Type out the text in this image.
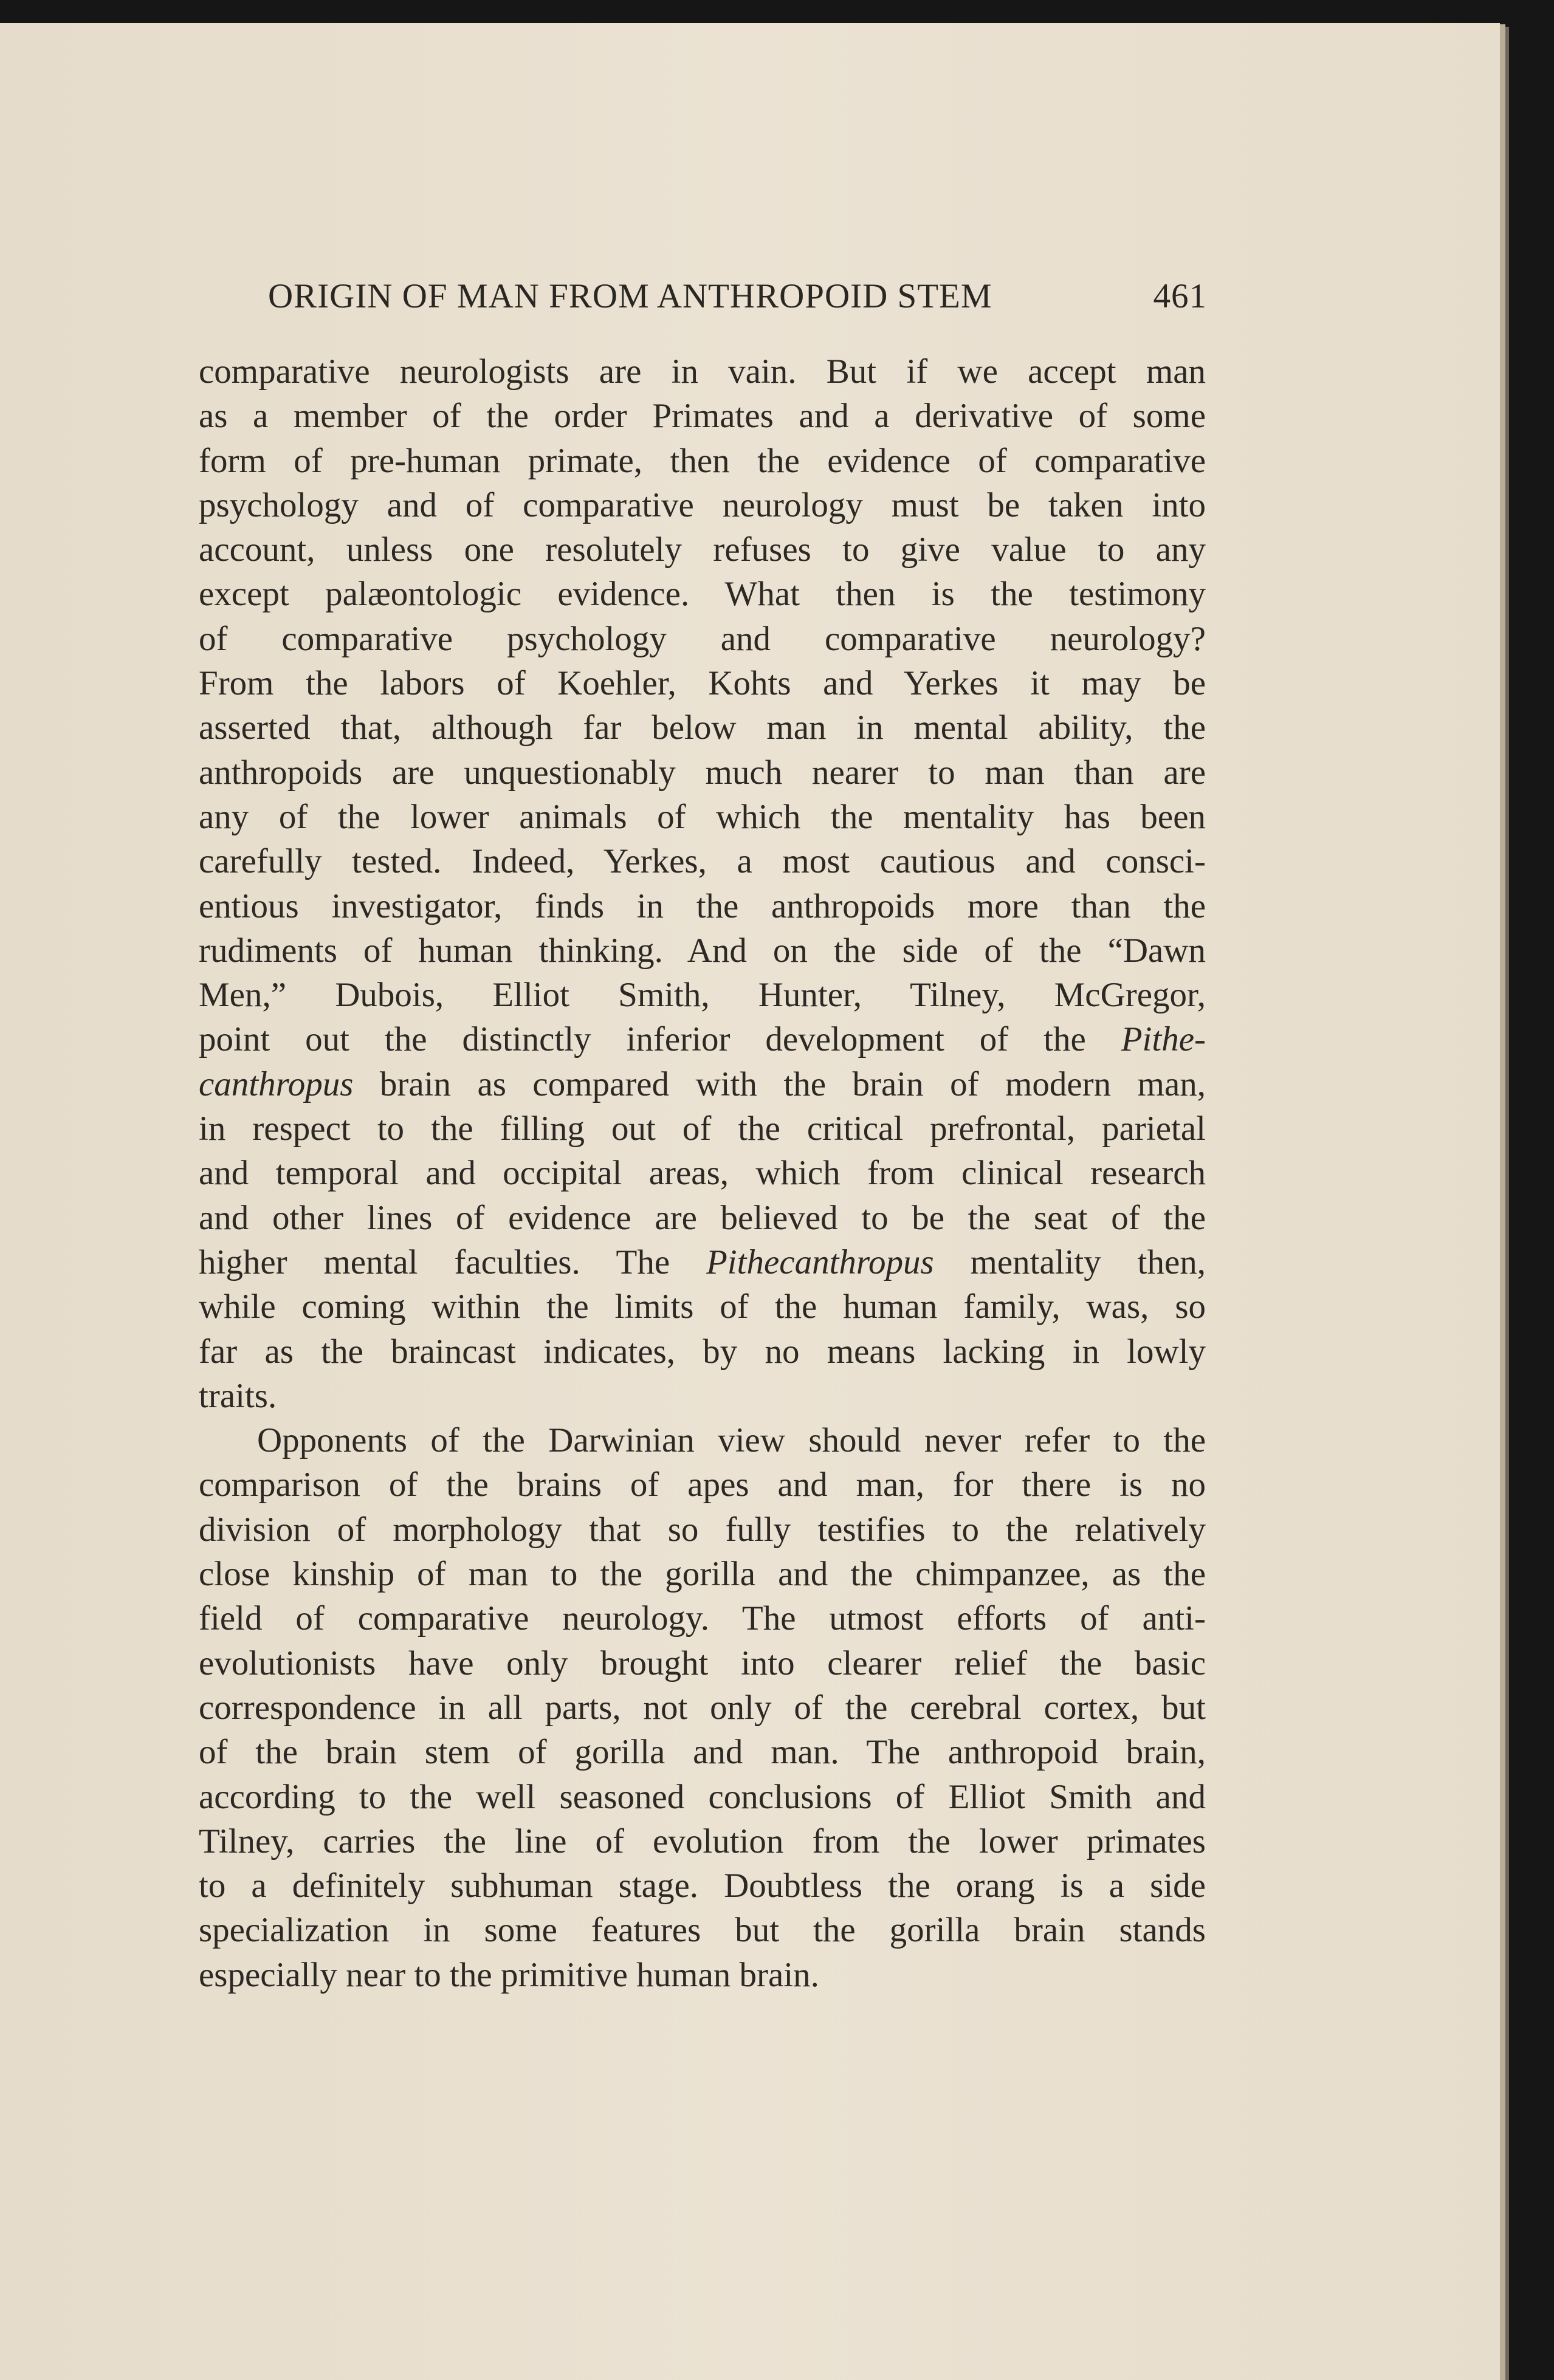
ORIGIN OF MAN FROM ANTHROPOID STEM	461
comparative neurologists are in vain. But if we accept man
as a member of the order Primates and a derivative of some
form of pre-human primate, then the evidence of comparative
psychology and of comparative neurology must be taken into
account, unless one resolutely refuses to give value to any
except palæontologic evidence. What then is the testimony
of comparative psychology and comparative neurology?
From the labors of Koehler, Kohts and Yerkes it may be
asserted that, although far below man in mental ability, the
anthropoids are unquestionably much nearer to man than are
any of the lower animals of which the mentality has been
carefully tested. Indeed, Yerkes, a most cautious and consci-
entious investigator, finds in the anthropoids more than the
rudiments of human thinking. And on the side of the “Dawn
Men,” Dubois, Elliot Smith, Hunter, Tilney, McGregor,
point out the distinctly inferior development of the Pithe-
canthropus brain as compared with the brain of modern man,
in respect to the filling out of the critical prefrontal, parietal
and temporal and occipital areas, which from clinical research
and other lines of evidence are believed to be the seat of the
higher mental faculties. The Pithecanthropus mentality then,
while coming within the limits of the human family, was, so
far as the braincast indicates, by no means lacking in lowly
traits.
Opponents of the Darwinian view should never refer to the
comparison of the brains of apes and man, for there is no
division of morphology that so fully testifies to the relatively
close kinship of man to the gorilla and the chimpanzee, as the
field of comparative neurology. The utmost efforts of anti-
evolutionists have only brought into clearer relief the basic
correspondence in all parts, not only of the cerebral cortex, but
of the brain stem of gorilla and man. The anthropoid brain,
according to the well seasoned conclusions of Elliot Smith and
Tilney, carries the line of evolution from the lower primates
to a definitely subhuman stage. Doubtless the orang is a side
specialization in some features but the gorilla brain stands
especially near to the primitive human brain.
